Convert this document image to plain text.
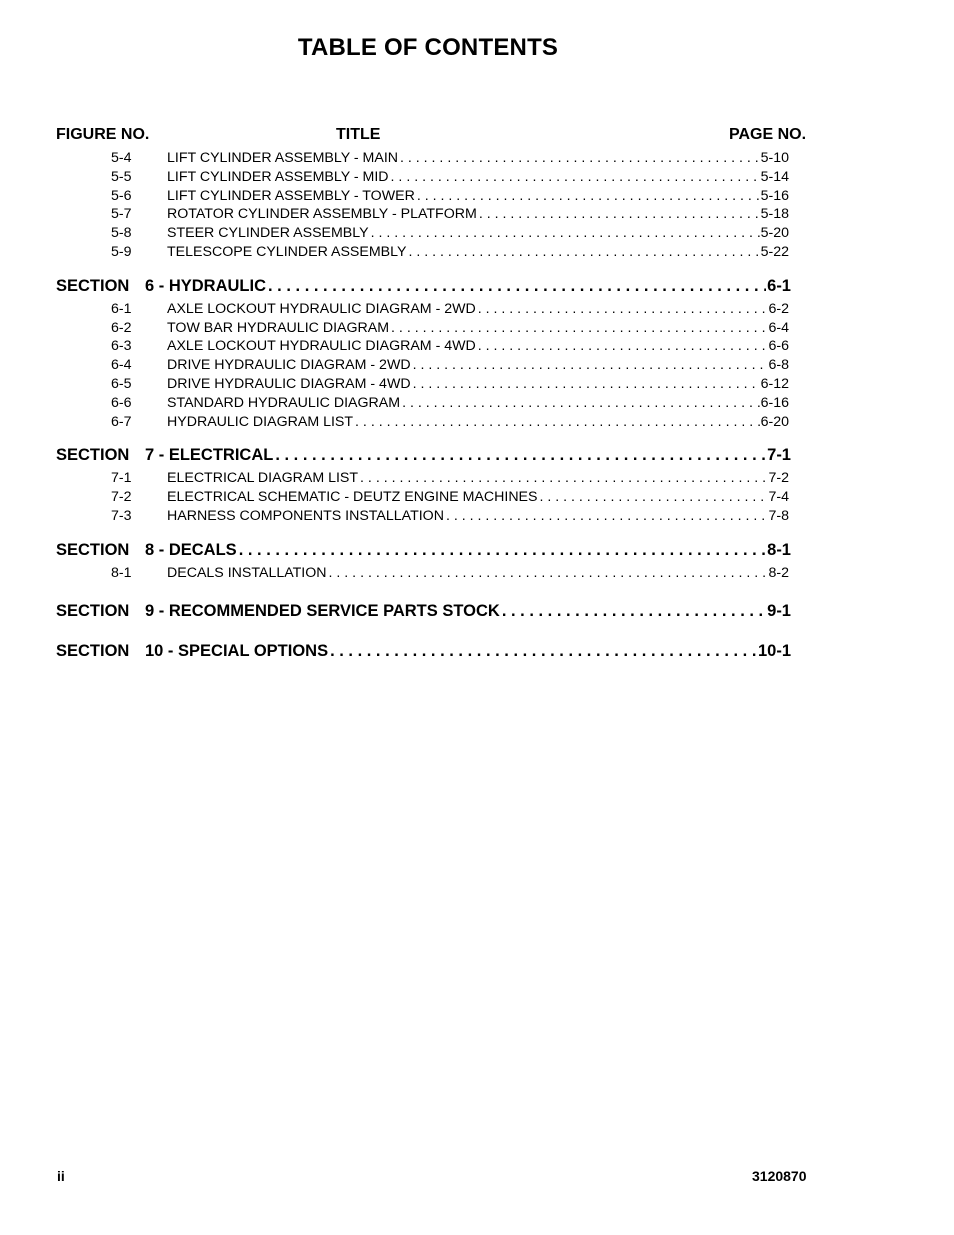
TABLE OF CONTENTS
FIGURE NO.	TITLE	PAGE NO.
5-4 LIFT CYLINDER ASSEMBLY - MAIN . . .	5-10
5-5 LIFT CYLINDER ASSEMBLY - MID . . .	5-14
5-6 LIFT CYLINDER ASSEMBLY - TOWER . . .	5-16
5-7 ROTATOR CYLINDER ASSEMBLY - PLATFORM . . .	5-18
5-8 STEER CYLINDER ASSEMBLY . . .	5-20
5-9 TELESCOPE CYLINDER ASSEMBLY . . .	5-22
SECTION 6 - HYDRAULIC . . .	6-1
6-1 AXLE LOCKOUT HYDRAULIC DIAGRAM - 2WD . . .	6-2
6-2 TOW BAR HYDRAULIC DIAGRAM . . .	6-4
6-3 AXLE LOCKOUT HYDRAULIC DIAGRAM - 4WD . . .	6-6
6-4 DRIVE HYDRAULIC DIAGRAM - 2WD . . .	6-8
6-5 DRIVE HYDRAULIC DIAGRAM - 4WD . . .	6-12
6-6 STANDARD HYDRAULIC DIAGRAM . . .	6-16
6-7 HYDRAULIC DIAGRAM LIST . . .	6-20
SECTION 7 - ELECTRICAL . . .	7-1
7-1 ELECTRICAL DIAGRAM LIST . . .	7-2
7-2 ELECTRICAL SCHEMATIC - DEUTZ ENGINE MACHINES . . .	7-4
7-3 HARNESS COMPONENTS INSTALLATION . . .	7-8
SECTION 8 - DECALS . . .	8-1
8-1 DECALS INSTALLATION . . .	8-2
SECTION 9 - RECOMMENDED SERVICE PARTS STOCK . . .	9-1
SECTION 10 - SPECIAL OPTIONS . . .	10-1
ii	3120870
